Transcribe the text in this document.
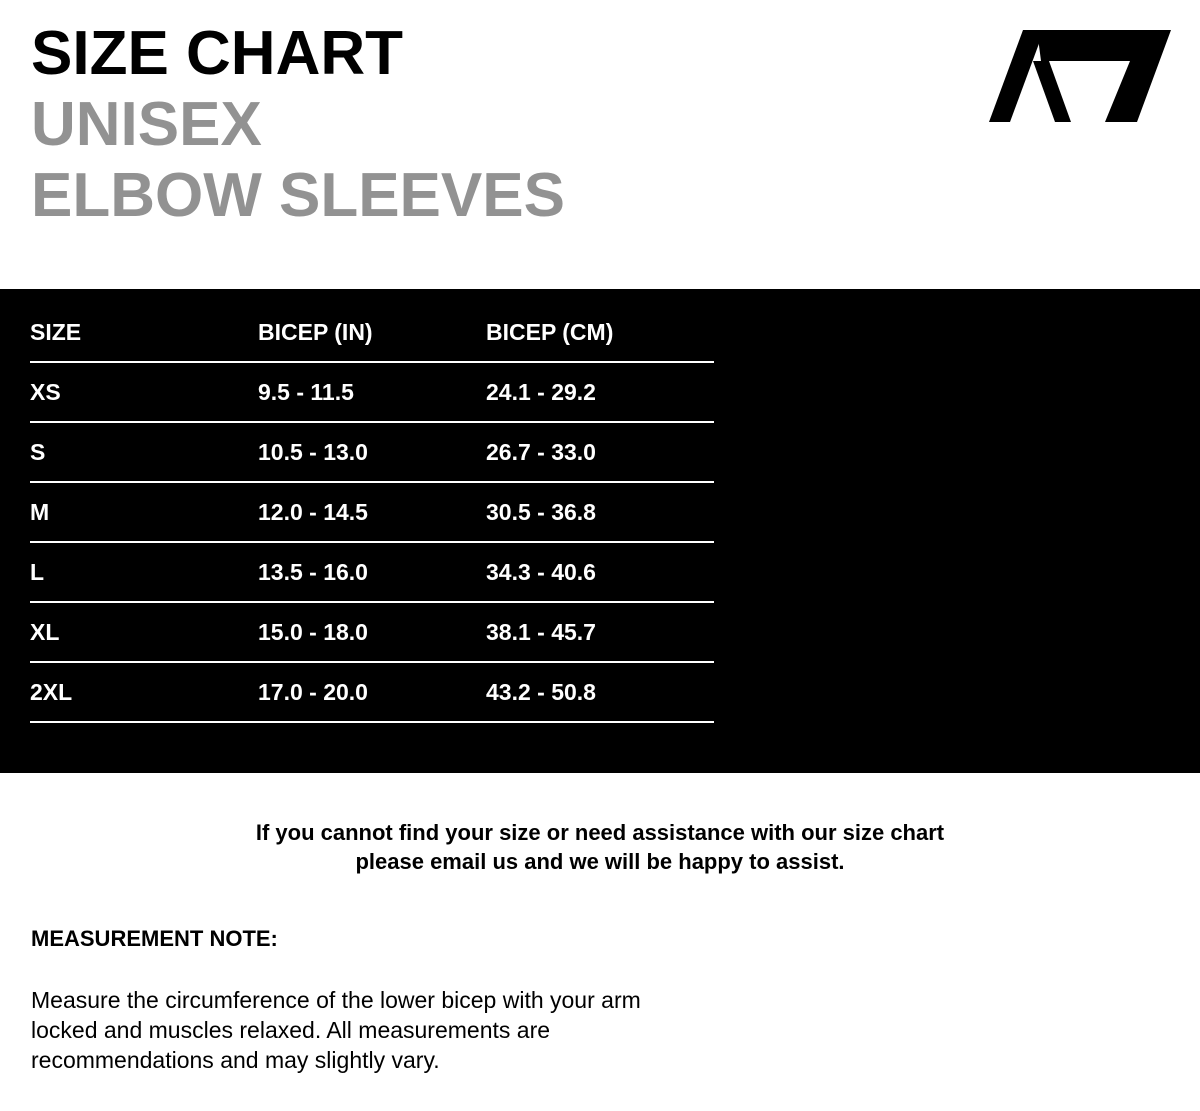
SIZE CHART
UNISEX
ELBOW SLEEVES
SIZE	BICEP (IN)	BICEP (CM)
XS	9.5 - 11.5	24.1 - 29.2
S	10.5 - 13.0	26.7 - 33.0
M	12.0 - 14.5	30.5 - 36.8
L	13.5 - 16.0	34.3 - 40.6
XL	15.0 - 18.0	38.1 - 45.7
2XL	17.0 - 20.0	43.2 - 50.8
If you cannot find your size or need assistance with our size chart
please email us and we will be happy to assist.
MEASUREMENT NOTE:
Measure the circumference of the lower bicep with your arm
locked and muscles relaxed. All measurements are
recommendations and may slightly vary.
